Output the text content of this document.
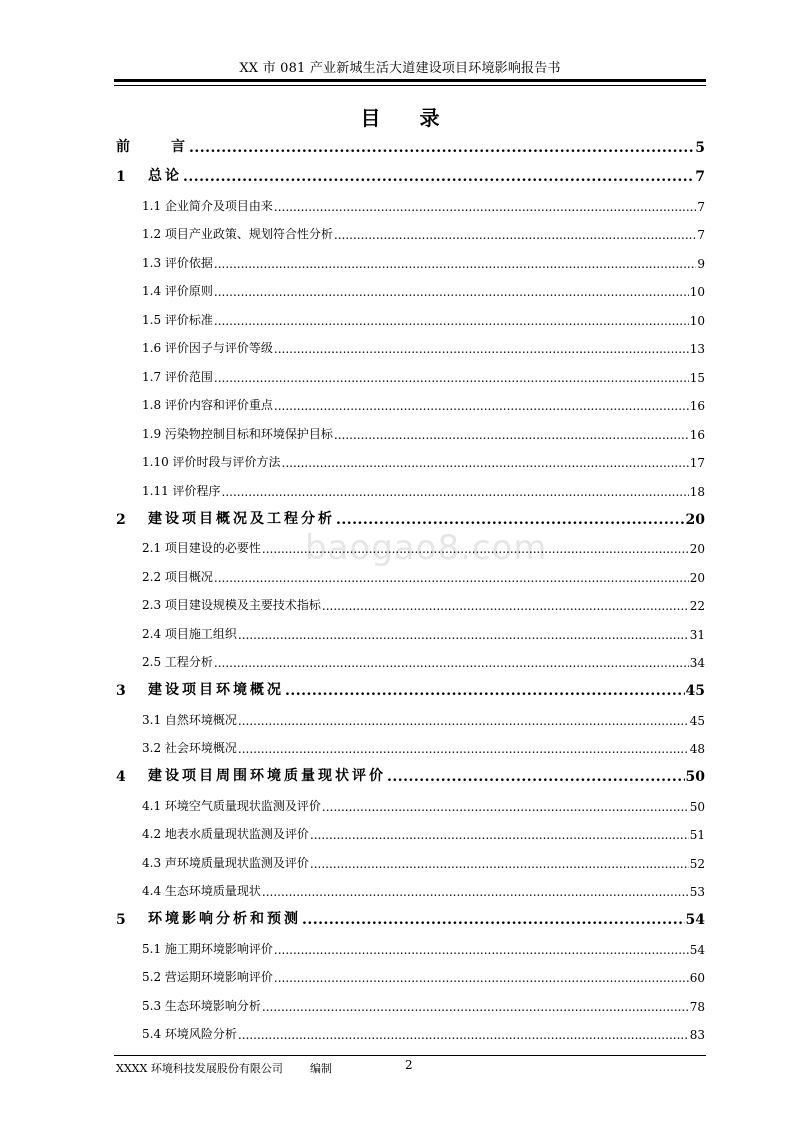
XX 市 081 产业新城生活大道建设项目环境影响报告书
目 录
baogao8.com
前	言 .....	5
1	总论 .....	7
1.1 企业简介及项目由来 .....	7
1.2 项目产业政策、规划符合性分析 .....	7
1.3 评价依据 .....	9
1.4 评价原则 .....	10
1.5 评价标准 .....	10
1.6 评价因子与评价等级 .....	13
1.7 评价范围 .....	15
1.8 评价内容和评价重点 .....	16
1.9 污染物控制目标和环境保护目标 .....	16
1.10 评价时段与评价方法 .....	17
1.11 评价程序 .....	18
2	建设项目概况及工程分析 .....	20
2.1 项目建设的必要性 .....	20
2.2 项目概况 .....	20
2.3 项目建设规模及主要技术指标 .....	22
2.4 项目施工组织 .....	31
2.5 工程分析 .....	34
3	建设项目环境概况 .....	45
3.1 自然环境概况 .....	45
3.2 社会环境概况 .....	48
4	建设项目周围环境质量现状评价 .....	50
4.1 环境空气质量现状监测及评价 .....	50
4.2 地表水质量现状监测及评价 .....	51
4.3 声环境质量现状监测及评价 .....	52
4.4 生态环境质量现状 .....	53
5	环境影响分析和预测 .....	54
5.1 施工期环境影响评价 .....	54
5.2 营运期环境影响评价 .....	60
5.3 生态环境影响分析 .....	78
5.4 环境风险分析 .....	83
XXXX 环境科技发展股份有限公司 编制	2
